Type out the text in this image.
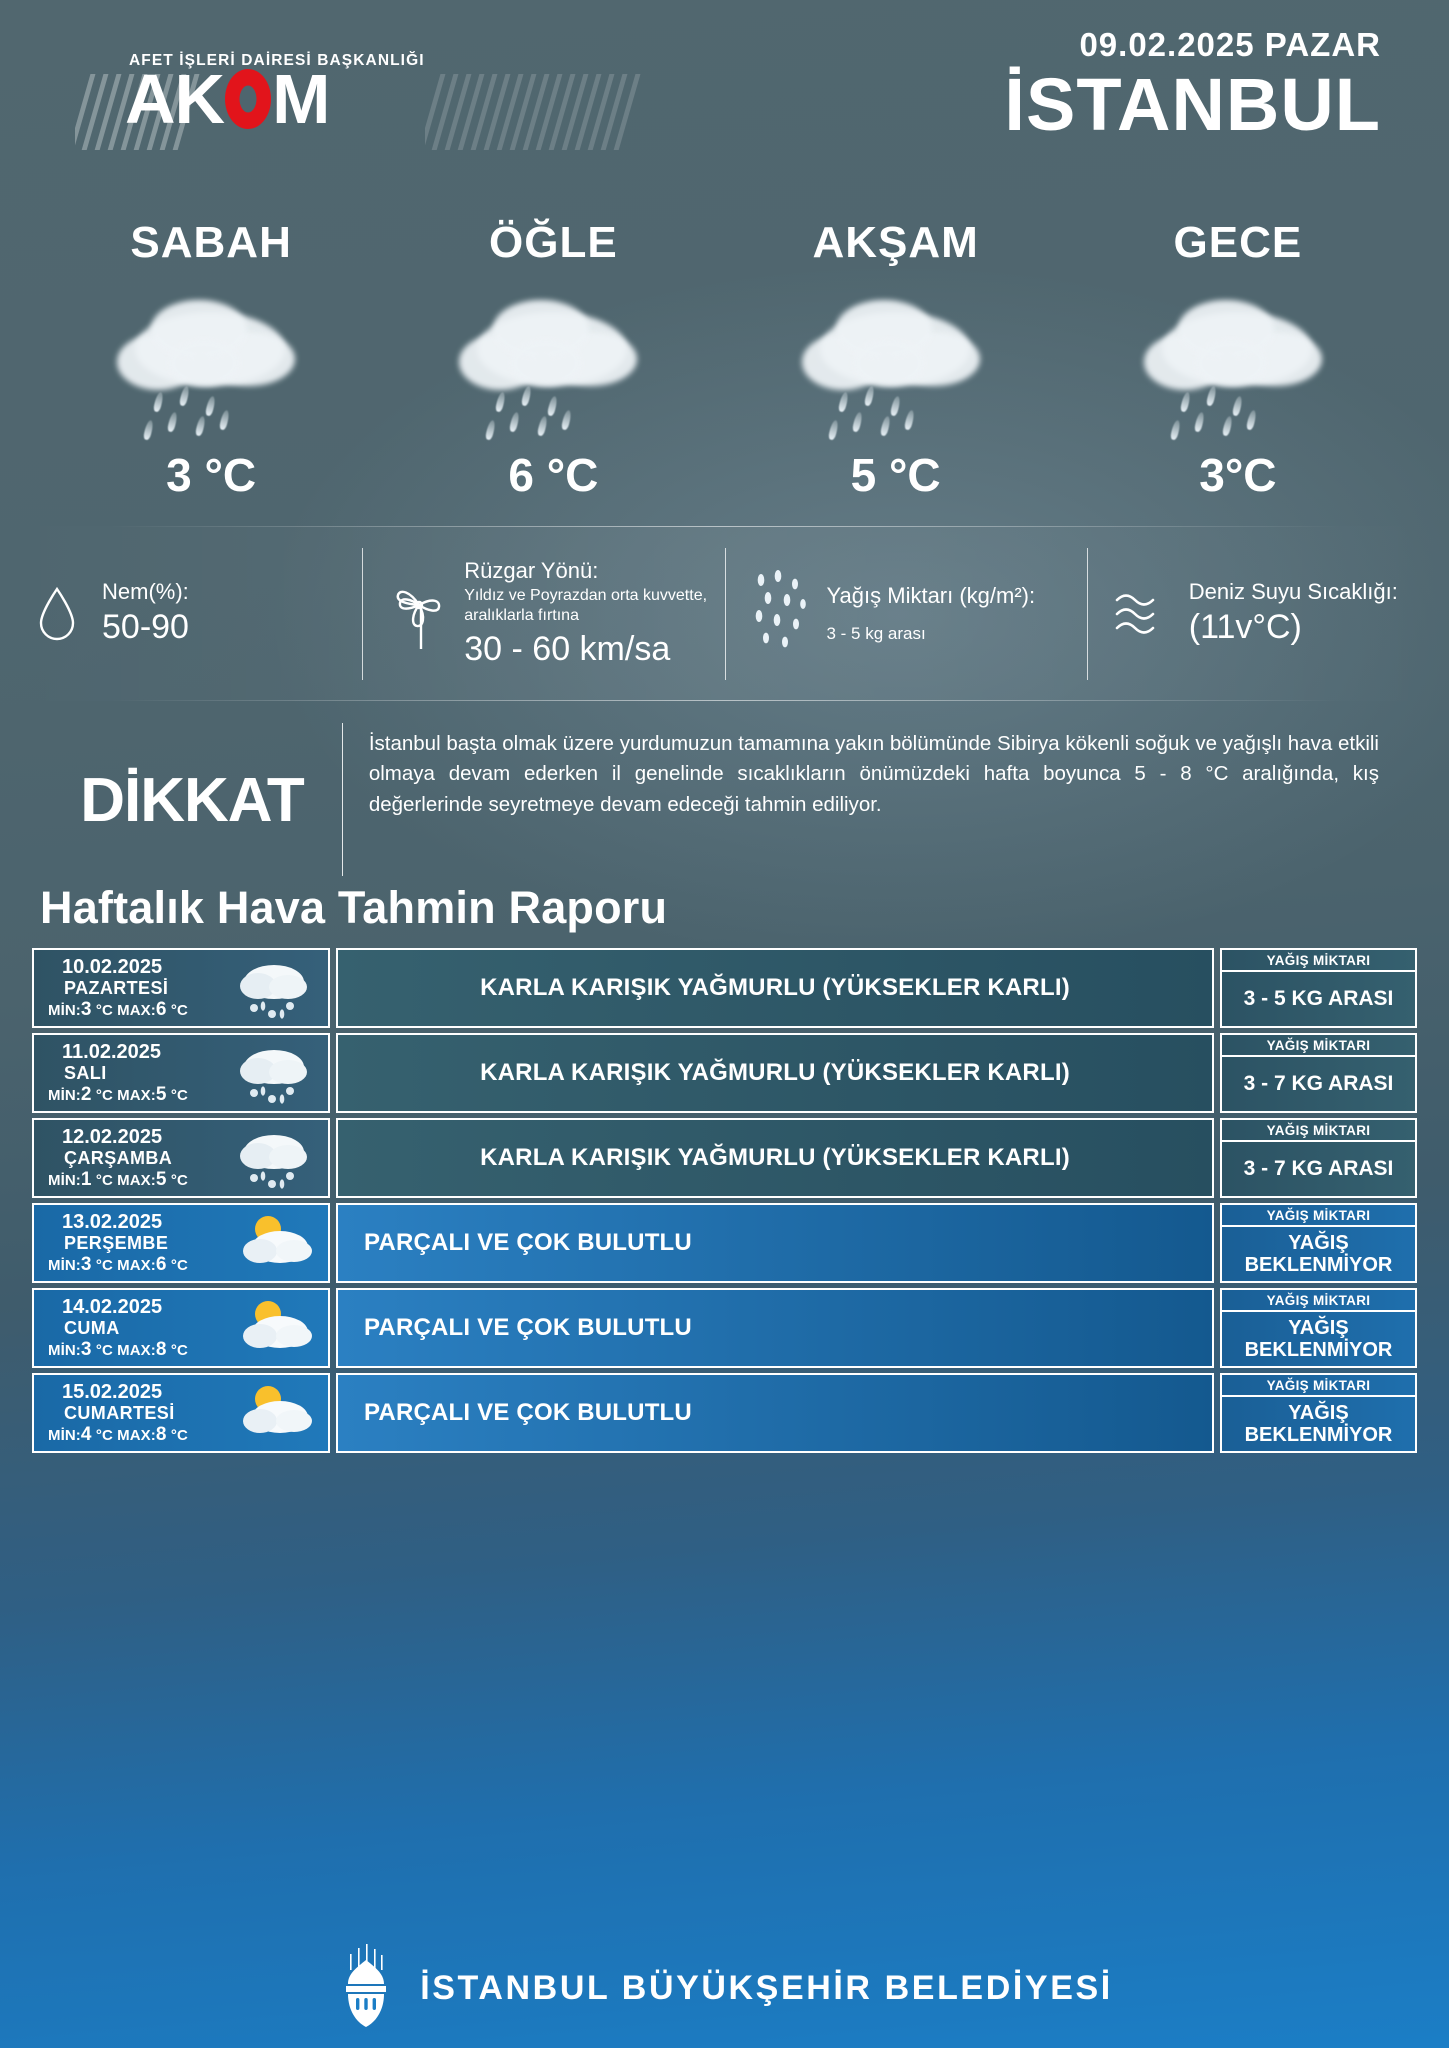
AFET İŞLERİ DAİRESİ BAŞKANLIĞI
AK M
09.02.2025 PAZAR
İSTANBUL
SABAH
3 °C
ÖĞLE
6 °C
AKŞAM
5 °C
GECE
3°C
Nem(%):
50-90
Rüzgar Yönü:
Yıldız ve Poyrazdan orta kuvvette, aralıklarla fırtına
30 - 60 km/sa
Yağış Miktarı (kg/m²):
3 - 5 kg arası
Deniz Suyu Sıcaklığı:
(11v°C)
DİKKAT
İstanbul başta olmak üzere yurdumuzun tamamına yakın bölümünde Sibirya kökenli soğuk ve yağışlı hava etkili olmaya devam ederken il genelinde sıcaklıkların önümüzdeki hafta boyunca 5 - 8 °C aralığında, kış değerlerinde seyretmeye devam edeceği tahmin ediliyor.
Haftalık Hava Tahmin Raporu
10.02.2025
PAZARTESİ
MİN:3 °C MAX:6 °C
KARLA KARIŞIK YAĞMURLU (YÜKSEKLER KARLI)
YAĞIŞ MİKTARI
3 - 5 KG ARASI
11.02.2025
SALI
MİN:2 °C MAX:5 °C
KARLA KARIŞIK YAĞMURLU (YÜKSEKLER KARLI)
YAĞIŞ MİKTARI
3 - 7 KG ARASI
12.02.2025
ÇARŞAMBA
MİN:1 °C MAX:5 °C
KARLA KARIŞIK YAĞMURLU (YÜKSEKLER KARLI)
YAĞIŞ MİKTARI
3 - 7 KG ARASI
13.02.2025
PERŞEMBE
MİN:3 °C MAX:6 °C
PARÇALI VE ÇOK BULUTLU
YAĞIŞ MİKTARI
YAĞIŞ BEKLENMİYOR
14.02.2025
CUMA
MİN:3 °C MAX:8 °C
PARÇALI VE ÇOK BULUTLU
YAĞIŞ MİKTARI
YAĞIŞ BEKLENMİYOR
15.02.2025
CUMARTESİ
MİN:4 °C MAX:8 °C
PARÇALI VE ÇOK BULUTLU
YAĞIŞ MİKTARI
YAĞIŞ BEKLENMİYOR
İSTANBUL BÜYÜKŞEHİR BELEDİYESİ
